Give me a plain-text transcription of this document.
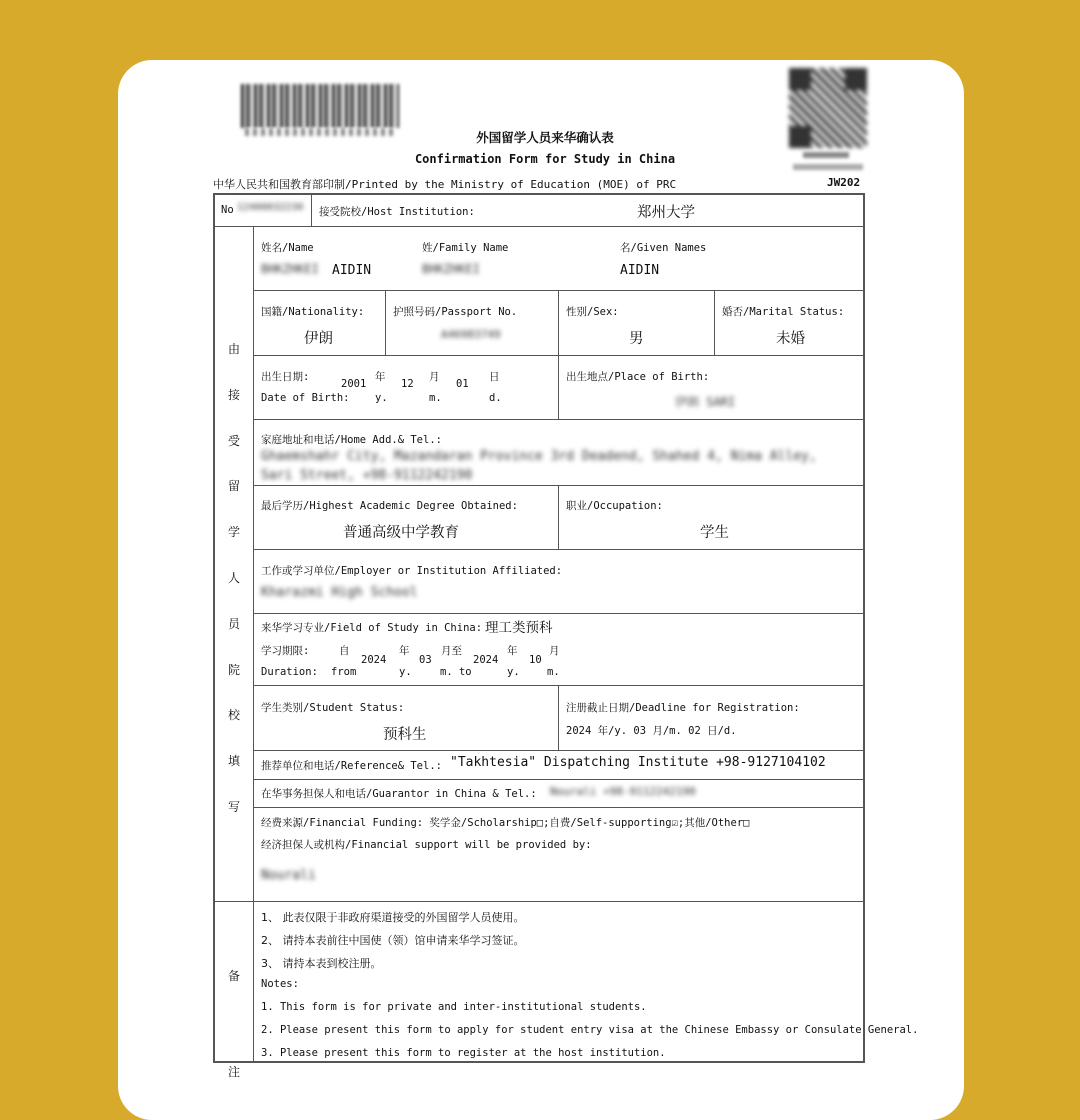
外国留学人员来华确认表
Confirmation Form for Study in China
中华人民共和国教育部印制/Printed by the Ministry of Education (MOE) of PRC	JW202
No 12400032230 接受院校/Host Institution:	郑州大学
由
接
受
留
学
人
员
院
校
填
写
备
注
姓名/Name
BHKZHKEI AIDIN
姓/Family Name
BHKZHKEI
名/Given Names
AIDIN
国籍/Nationality:
伊朗
护照号码/Passport No.
A46983749
性别/Sex:
男
婚否/Marital Status:
未婚
出生日期:
Date of Birth:
2001
年
y.
12
月
m.
01
日
d.
出生地点/Place of Birth:
伊朗 SARI
家庭地址和电话/Home Add.& Tel.:
Ghaemshahr City, Mazandaran Province 3rd Deadend, Shahed 4, Nima Alley,
Sari Street, +98-9112242190
最后学历/Highest Academic Degree Obtained:
普通高级中学教育
职业/Occupation:
学生
工作或学习单位/Employer or Institution Affiliated:
Kharazmi High School
来华学习专业/Field of Study in China: 理工类预科
学习期限:
Duration:
自
from
2024
年
y.
03
月至
m. to
2024
年
y.
10
月
m.
学生类别/Student Status:
预科生
注册截止日期/Deadline for Registration:
2024 年/y. 03 月/m. 02 日/d.
推荐单位和电话/Reference& Tel.: "Takhtesia" Dispatching Institute +98-9127104102
在华事务担保人和电话/Guarantor in China & Tel.: Nourali +98-9112242190
经费来源/Financial Funding: 奖学金/Scholarship□;自费/Self-supporting☑;其他/Other□
经济担保人或机构/Financial support will be provided by:
Nourali
1、 此表仅限于非政府渠道接受的外国留学人员使用。
2、 请持本表前往中国使（领）馆申请来华学习签证。
3、 请持本表到校注册。
Notes:
1. This form is for private and inter-institutional students.
2. Please present this form to apply for student entry visa at the Chinese Embassy or Consulate General.
3. Please present this form to register at the host institution.
